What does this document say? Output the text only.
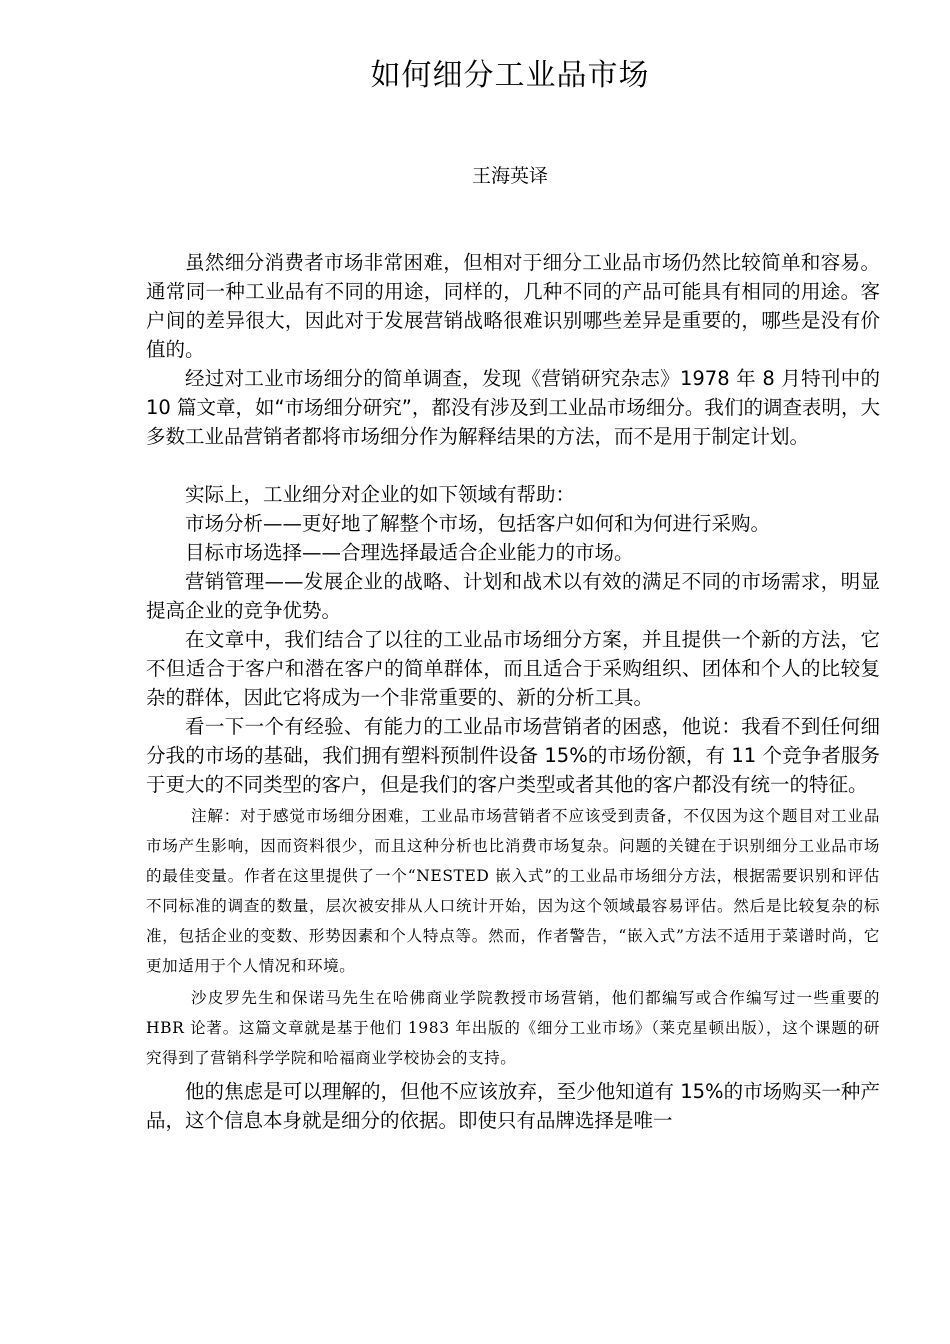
如何细分工业品市场
王海英译

虽然细分消费者市场非常困难，但相对于细分工业品市场仍然比较简单和容易。通常同一种工业品有不同的用途，同样的，几种不同的产品可能具有相同的用途。客户间的差异很大，因此对于发展营销战略很难识别哪些差异是重要的，哪些是没有价值的。

经过对工业市场细分的简单调查，发现《营销研究杂志》1978 年 8 月特刊中的 10 篇文章，如“市场细分研究”，都没有涉及到工业品市场细分。我们的调查表明，大多数工业品营销者都将市场细分作为解释结果的方法，而不是用于制定计划。

实际上，工业细分对企业的如下领域有帮助：

市场分析——更好地了解整个市场，包括客户如何和为何进行采购。

目标市场选择——合理选择最适合企业能力的市场。

营销管理——发展企业的战略、计划和战术以有效的满足不同的市场需求，明显提高企业的竞争优势。

在文章中，我们结合了以往的工业品市场细分方案，并且提供一个新的方法，它不但适合于客户和潜在客户的简单群体，而且适合于采购组织、团体和个人的比较复杂的群体，因此它将成为一个非常重要的、新的分析工具。

看一下一个有经验、有能力的工业品市场营销者的困惑，他说：我看不到任何细分我的市场的基础，我们拥有塑料预制件设备 15%的市场份额，有 11 个竞争者服务于更大的不同类型的客户，但是我们的客户类型或者其他的客户都没有统一的特征。

注解：对于感觉市场细分困难，工业品市场营销者不应该受到责备，不仅因为这个题目对工业品市场产生影响，因而资料很少，而且这种分析也比消费市场复杂。问题的关键在于识别细分工业品市场的最佳变量。作者在这里提供了一个“NESTED 嵌入式”的工业品市场细分方法，根据需要识别和评估不同标准的调查的数量，层次被安排从人口统计开始，因为这个领域最容易评估。然后是比较复杂的标准，包括企业的变数、形势因素和个人特点等。然而，作者警告，“嵌入式”方法不适用于菜谱时尚，它更加适用于个人情况和环境。

沙皮罗先生和保诺马先生在哈佛商业学院教授市场营销，他们都编写或合作编写过一些重要的 HBR 论著。这篇文章就是基于他们 1983 年出版的《细分工业市场》（莱克星顿出版），这个课题的研究得到了营销科学学院和哈福商业学校协会的支持。

他的焦虑是可以理解的，但他不应该放弃，至少他知道有 15%的市场购买一种产品，这个信息本身就是细分的依据。即使只有品牌选择是唯一
